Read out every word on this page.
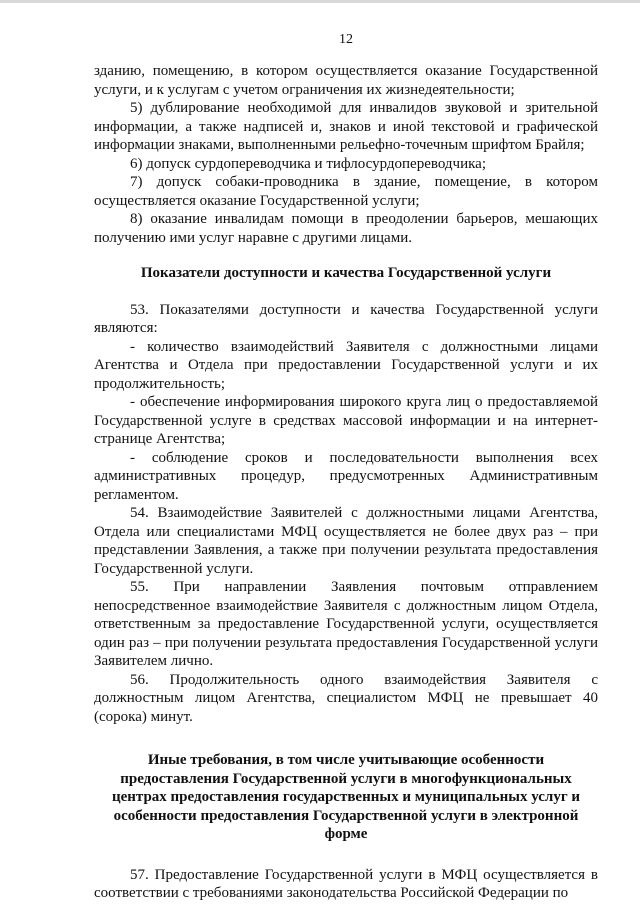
12

зданию, помещению, в котором осуществляется оказание Государственной услуги, и к услугам с учетом ограничения их жизнедеятельности;

5) дублирование необходимой для инвалидов звуковой и зрительной информации, а также надписей и, знаков и иной текстовой и графической информации знаками, выполненными рельефно-точечным шрифтом Брайля;

6) допуск сурдопереводчика и тифлосурдопереводчика;

7) допуск собаки-проводника в здание, помещение, в котором осуществляется оказание Государственной услуги;

8) оказание инвалидам помощи в преодолении барьеров, мешающих получению ими услуг наравне с другими лицами.

Показатели доступности и качества Государственной услуги

53. Показателями доступности и качества Государственной услуги являются:

- количество взаимодействий Заявителя с должностными лицами Агентства и Отдела при предоставлении Государственной услуги и их продолжительность;

- обеспечение информирования широкого круга лиц о предоставляемой Государственной услуге в средствах массовой информации и на интернет-странице Агентства;

- соблюдение сроков и последовательности выполнения всех административных процедур, предусмотренных Административным регламентом.

54. Взаимодействие Заявителей с должностными лицами Агентства, Отдела или специалистами МФЦ осуществляется не более двух раз – при представлении Заявления, а также при получении результата предоставления Государственной услуги.

55. При направлении Заявления почтовым отправлением непосредственное взаимодействие Заявителя с должностным лицом Отдела, ответственным за предоставление Государственной услуги, осуществляется один раз – при получении результата предоставления Государственной услуги Заявителем лично.

56. Продолжительность одного взаимодействия Заявителя с должностным лицом Агентства, специалистом МФЦ не превышает 40 (сорока) минут.

Иные требования, в том числе учитывающие особенности предоставления Государственной услуги в многофункциональных центрах предоставления государственных и муниципальных услуг и особенности предоставления Государственной услуги в электронной форме

57. Предоставление Государственной услуги в МФЦ осуществляется в соответствии с требованиями законодательства Российской Федерации по
